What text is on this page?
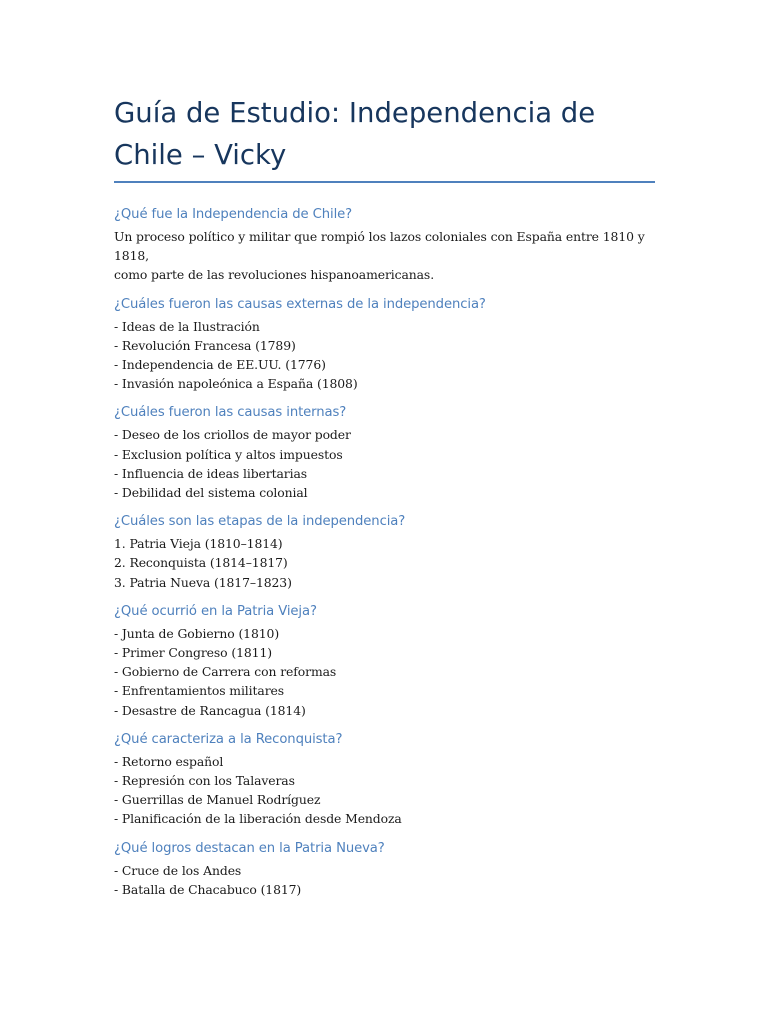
Guía de Estudio: Independencia de Chile – Vicky
¿Qué fue la Independencia de Chile?

Un proceso político y militar que rompió los lazos coloniales con España entre 1810 y 1818,

como parte de las revoluciones hispanoamericanas.

¿Cuáles fueron las causas externas de la independencia?

- Ideas de la Ilustración

- Revolución Francesa (1789)

- Independencia de EE.UU. (1776)

- Invasión napoleónica a España (1808)

¿Cuáles fueron las causas internas?

- Deseo de los criollos de mayor poder

- Exclusion política y altos impuestos

- Influencia de ideas libertarias

- Debilidad del sistema colonial

¿Cuáles son las etapas de la independencia?

1. Patria Vieja (1810–1814)

2. Reconquista (1814–1817)

3. Patria Nueva (1817–1823)

¿Qué ocurrió en la Patria Vieja?

- Junta de Gobierno (1810)

- Primer Congreso (1811)

- Gobierno de Carrera con reformas

- Enfrentamientos militares

- Desastre de Rancagua (1814)

¿Qué caracteriza a la Reconquista?

- Retorno español

- Represión con los Talaveras

- Guerrillas de Manuel Rodríguez

- Planificación de la liberación desde Mendoza

¿Qué logros destacan en la Patria Nueva?

- Cruce de los Andes

- Batalla de Chacabuco (1817)
